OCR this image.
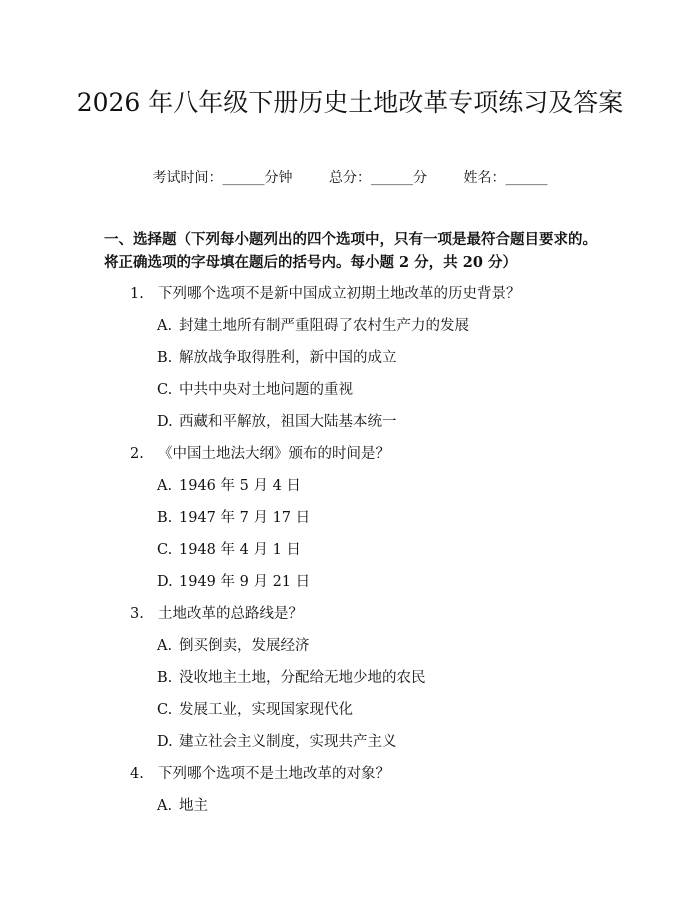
2026 年八年级下册历史土地改革专项练习及答案
考试时间：______分钟	总分：______分	姓名：______

一、选择题（下列每小题列出的四个选项中，只有一项是最符合题目要求的。将正确选项的字母填在题后的括号内。每小题 2 分，共 20 分）

1. 下列哪个选项不是新中国成立初期土地改革的历史背景？
A. 封建土地所有制严重阻碍了农村生产力的发展
B. 解放战争取得胜利，新中国的成立
C. 中共中央对土地问题的重视
D. 西藏和平解放，祖国大陆基本统一
2. 《中国土地法大纲》颁布的时间是？
A. 1946 年 5 月 4 日
B. 1947 年 7 月 17 日
C. 1948 年 4 月 1 日
D. 1949 年 9 月 21 日
3. 土地改革的总路线是？
A. 倒买倒卖，发展经济
B. 没收地主土地，分配给无地少地的农民
C. 发展工业，实现国家现代化
D. 建立社会主义制度，实现共产主义
4. 下列哪个选项不是土地改革的对象？
A. 地主
